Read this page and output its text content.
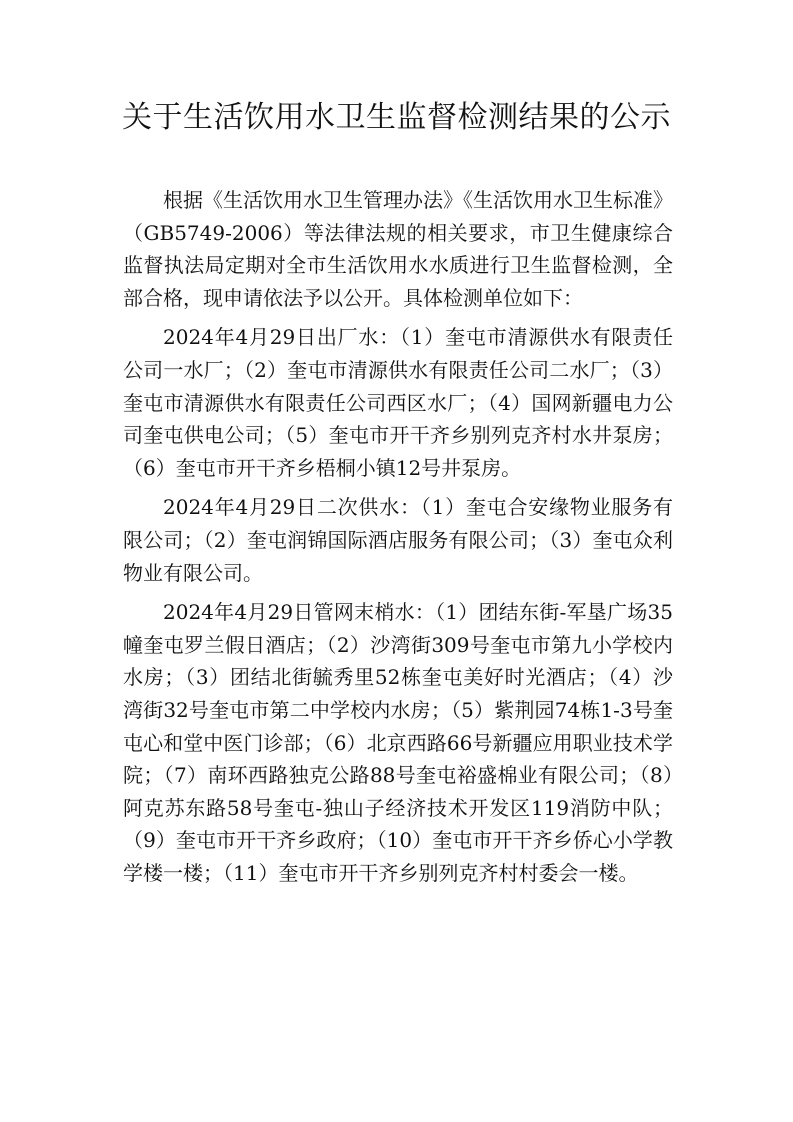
关于生活饮用水卫生监督检测结果的公示

根据《生活饮用水卫生管理办法》《生活饮用水卫生标准》（GB5749-2006）等法律法规的相关要求，市卫生健康综合监督执法局定期对全市生活饮用水水质进行卫生监督检测，全部合格，现申请依法予以公开。具体检测单位如下：

2024年4月29日出厂水：（1）奎屯市清源供水有限责任公司一水厂；（2）奎屯市清源供水有限责任公司二水厂；（3）奎屯市清源供水有限责任公司西区水厂；（4）国网新疆电力公司奎屯供电公司；（5）奎屯市开干齐乡别列克齐村水井泵房；（6）奎屯市开干齐乡梧桐小镇12号井泵房。

2024年4月29日二次供水：（1）奎屯合安缘物业服务有限公司；（2）奎屯润锦国际酒店服务有限公司；（3）奎屯众利物业有限公司。

2024年4月29日管网末梢水：（1）团结东街-军垦广场35幢奎屯罗兰假日酒店；（2）沙湾街309号奎屯市第九小学校内水房；（3）团结北街毓秀里52栋奎屯美好时光酒店；（4）沙湾街32号奎屯市第二中学校内水房；（5）紫荆园74栋1-3号奎屯心和堂中医门诊部；（6）北京西路66号新疆应用职业技术学院；（7）南环西路独克公路88号奎屯裕盛棉业有限公司；（8）阿克苏东路58号奎屯-独山子经济技术开发区119消防中队；（9）奎屯市开干齐乡政府；（10）奎屯市开干齐乡侨心小学教学楼一楼；（11）奎屯市开干齐乡别列克齐村村委会一楼。
